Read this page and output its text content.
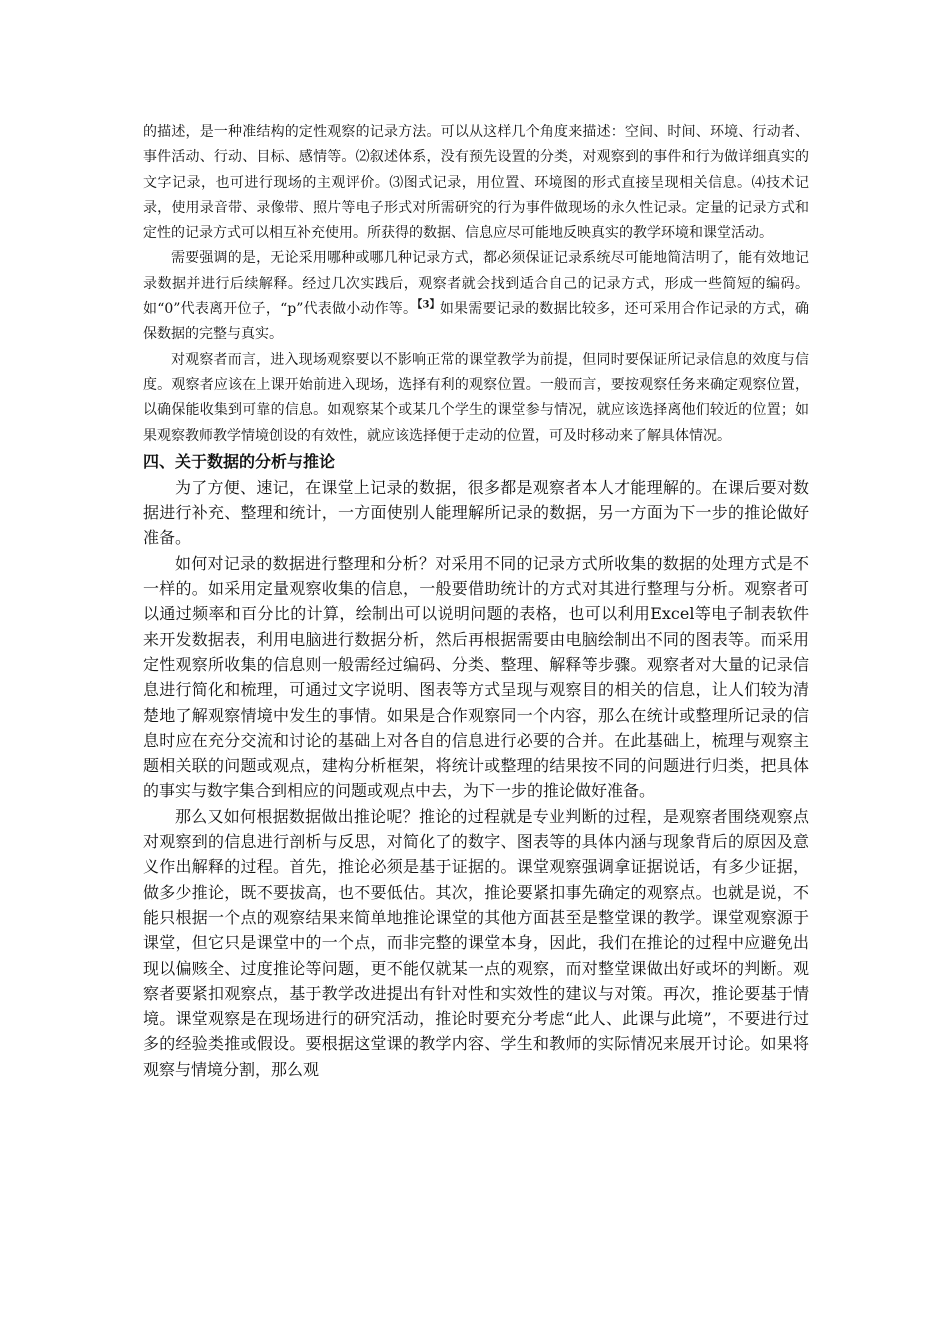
的描述，是一种准结构的定性观察的记录方法。可以从这样几个角度来描述：空间、时间、环境、行动者、事件活动、行动、目标、感情等。⑵叙述体系，没有预先设置的分类，对观察到的事件和行为做详细真实的文字记录，也可进行现场的主观评价。⑶图式记录，用位置、环境图的形式直接呈现相关信息。⑷技术记录，使用录音带、录像带、照片等电子形式对所需研究的行为事件做现场的永久性记录。定量的记录方式和定性的记录方式可以相互补充使用。所获得的数据、信息应尽可能地反映真实的教学环境和课堂活动。

需要强调的是，无论采用哪种或哪几种记录方式，都必须保证记录系统尽可能地简洁明了，能有效地记录数据并进行后续解释。经过几次实践后，观察者就会找到适合自己的记录方式，形成一些简短的编码。如“0”代表离开位子，“p”代表做小动作等。$^{【3】}$如果需要记录的数据比较多，还可采用合作记录的方式，确保数据的完整与真实。

对观察者而言，进入现场观察要以不影响正常的课堂教学为前提，但同时要保证所记录信息的效度与信度。观察者应该在上课开始前进入现场，选择有利的观察位置。一般而言，要按观察任务来确定观察位置，以确保能收集到可靠的信息。如观察某个或某几个学生的课堂参与情况，就应该选择离他们较近的位置；如果观察教师教学情境创设的有效性，就应该选择便于走动的位置，可及时移动来了解具体情况。

四、关于数据的分析与推论

为了方便、速记，在课堂上记录的数据，很多都是观察者本人才能理解的。在课后要对数据进行补充、整理和统计，一方面使别人能理解所记录的数据，另一方面为下一步的推论做好准备。

如何对记录的数据进行整理和分析？对采用不同的记录方式所收集的数据的处理方式是不一样的。如采用定量观察收集的信息，一般要借助统计的方式对其进行整理与分析。观察者可以通过频率和百分比的计算，绘制出可以说明问题的表格，也可以利用Excel等电子制表软件来开发数据表，利用电脑进行数据分析，然后再根据需要由电脑绘制出不同的图表等。而采用定性观察所收集的信息则一般需经过编码、分类、整理、解释等步骤。观察者对大量的记录信息进行简化和梳理，可通过文字说明、图表等方式呈现与观察目的相关的信息，让人们较为清楚地了解观察情境中发生的事情。如果是合作观察同一个内容，那么在统计或整理所记录的信息时应在充分交流和讨论的基础上对各自的信息进行必要的合并。在此基础上，梳理与观察主题相关联的问题或观点，建构分析框架，将统计或整理的结果按不同的问题进行归类，把具体的事实与数字集合到相应的问题或观点中去，为下一步的推论做好准备。

那么又如何根据数据做出推论呢？推论的过程就是专业判断的过程，是观察者围绕观察点对观察到的信息进行剖析与反思，对简化了的数字、图表等的具体内涵与现象背后的原因及意义作出解释的过程。首先，推论必须是基于证据的。课堂观察强调拿证据说话，有多少证据，做多少推论，既不要拔高，也不要低估。其次，推论要紧扣事先确定的观察点。也就是说，不能只根据一个点的观察结果来简单地推论课堂的其他方面甚至是整堂课的教学。课堂观察源于课堂，但它只是课堂中的一个点，而非完整的课堂本身，因此，我们在推论的过程中应避免出现以偏赅全、过度推论等问题，更不能仅就某一点的观察，而对整堂课做出好或坏的判断。观察者要紧扣观察点，基于教学改进提出有针对性和实效性的建议与对策。再次，推论要基于情境。课堂观察是在现场进行的研究活动，推论时要充分考虑“此人、此课与此境”，不要进行过多的经验类推或假设。要根据这堂课的教学内容、学生和教师的实际情况来展开讨论。如果将观察与情境分割，那么观
